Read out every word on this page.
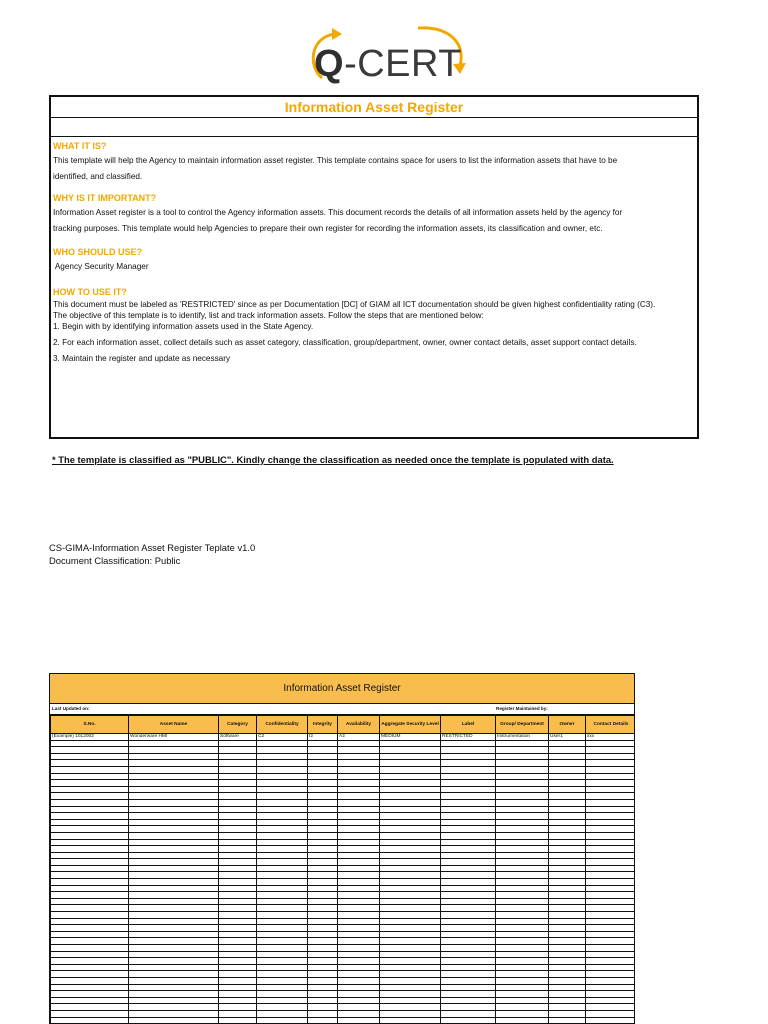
Q-CERT
Information Asset Register
WHAT IT IS?
This template will help the Agency to maintain information asset register. This template contains space for users to list the information assets that have to be
identified, and classified.
WHY IS IT IMPORTANT?
Information Asset register is a tool to control the Agency information assets. This document records the details of all information assets held by the agency for
tracking purposes. This template would help Agencies to prepare their own register for recording the information assets, its classification and owner, etc.
WHO SHOULD USE?
Agency Security Manager
HOW TO USE IT?
This document must be labeled as 'RESTRICTED' since as per Documentation [DC] of GIAM all ICT documentation should be given highest confidentiality rating (C3).
The objective of this template is to identify, list and track information assets. Follow the steps that are mentioned below:
1. Begin with by identifying information assets used in the State Agency.
2. For each information asset, collect details such as asset category, classification, group/department, owner, owner contact details, asset support contact details.
3. Maintain the register and update as necessary
* The template is classified as "PUBLIC". Kindly change the classification as needed once the template is populated with data.
CS-GIMA-Information Asset Register Teplate v1.0
Document Classification: Public
Information Asset Register
Last Updated on:	Register Maintained by:
S.No.	Asset Name	Category	Confidentiality	Integrity	Availability	Aggregate Security Level	Label	Group/ Department	Owner	Contact Details
(Example) 1012002	Wonderware HMI	Software	C2	I2	A2	MEDIUM	RESTRICTED	Instrumentation	User1	xxx
